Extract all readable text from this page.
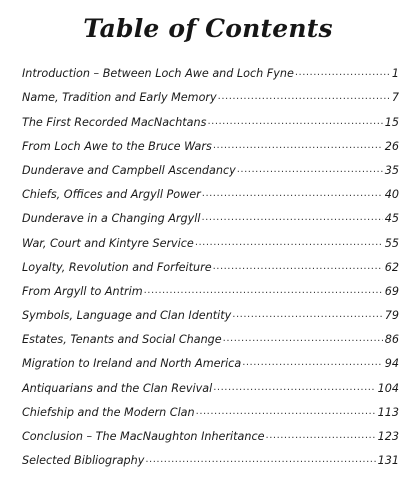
Table of Contents
Introduction – Between Loch Awe and Loch Fyne .....	1
Name, Tradition and Early Memory .....	7
The First Recorded MacNachtans .....	15
From Loch Awe to the Bruce Wars .....	26
Dunderave and Campbell Ascendancy .....	35
Chiefs, Offices and Argyll Power .....	40
Dunderave in a Changing Argyll .....	45
War, Court and Kintyre Service .....	55
Loyalty, Revolution and Forfeiture .....	62
From Argyll to Antrim .....	69
Symbols, Language and Clan Identity .....	79
Estates, Tenants and Social Change .....	86
Migration to Ireland and North America .....	94
Antiquarians and the Clan Revival .....	104
Chiefship and the Modern Clan .....	113
Conclusion – The MacNaughton Inheritance .....	123
Selected Bibliography .....	131
